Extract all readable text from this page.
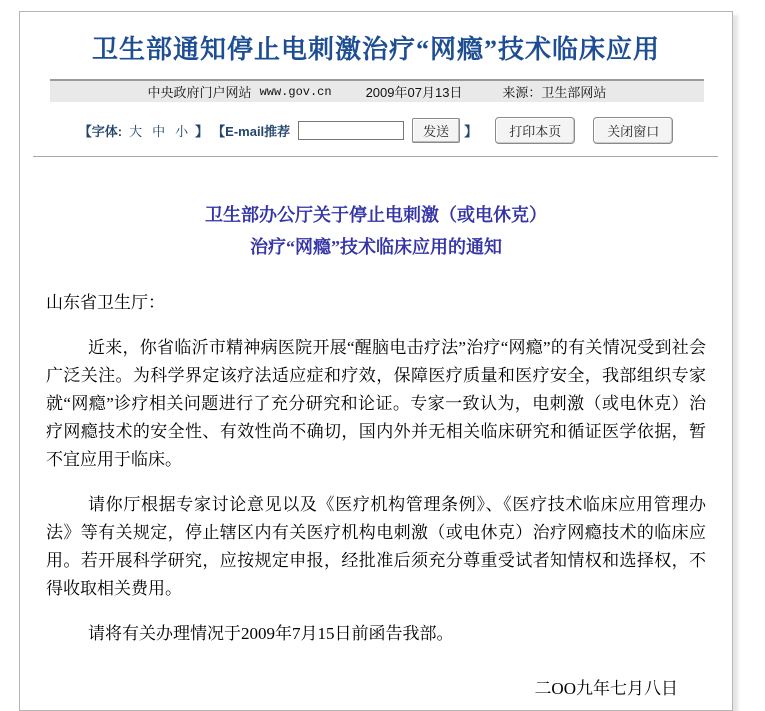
卫生部通知停止电刺激治疗“网瘾”技术临床应用
中央政府门户网站 www.gov.cn	2009年07月13日	来源：卫生部网站
【字体: 大 中 小 】 【E-mail推荐	发送	】	打印本页	关闭窗口
卫生部办公厅关于停止电刺激（或电休克）
治疗“网瘾”技术临床应用的通知

山东省卫生厅：

近来，你省临沂市精神病医院开展“醒脑电击疗法”治疗“网瘾”的有关情况受到社会广泛关注。为科学界定该疗法适应症和疗效，保障医疗质量和医疗安全，我部组织专家就“网瘾”诊疗相关问题进行了充分研究和论证。专家一致认为，电刺激（或电休克）治疗网瘾技术的安全性、有效性尚不确切，国内外并无相关临床研究和循证医学依据，暂不宜应用于临床。

请你厅根据专家讨论意见以及《医疗机构管理条例》、《医疗技术临床应用管理办法》等有关规定，停止辖区内有关医疗机构电刺激（或电休克）治疗网瘾技术的临床应用。若开展科学研究，应按规定申报，经批准后须充分尊重受试者知情权和选择权，不得收取相关费用。

请将有关办理情况于2009年7月15日前函告我部。

二OO九年七月八日
